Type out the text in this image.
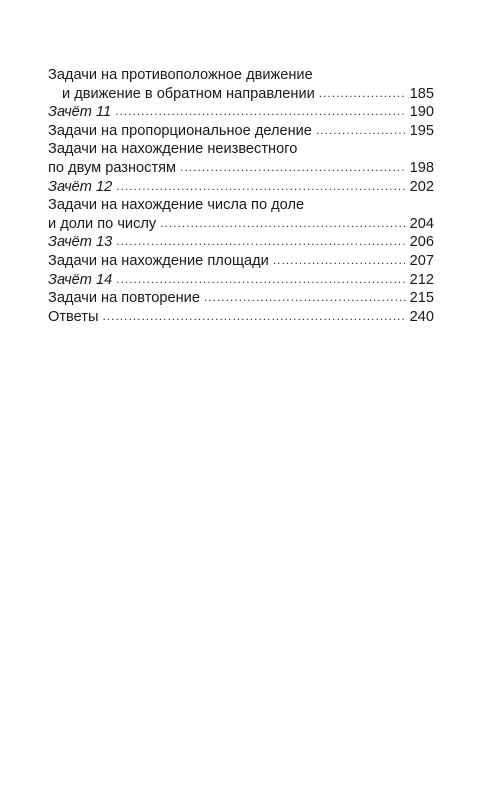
Задачи на противоположное движение
и движение в обратном направлении .....	185
Зачёт 11 .....	190
Задачи на пропорциональное деление .....	195
Задачи на нахождение неизвестного
по двум разностям .....	198
Зачёт 12 .....	202
Задачи на нахождение числа по доле
и доли по числу .....	204
Зачёт 13 .....	206
Задачи на нахождение площади .....	207
Зачёт 14 .....	212
Задачи на повторение .....	215
Ответы .....	240
